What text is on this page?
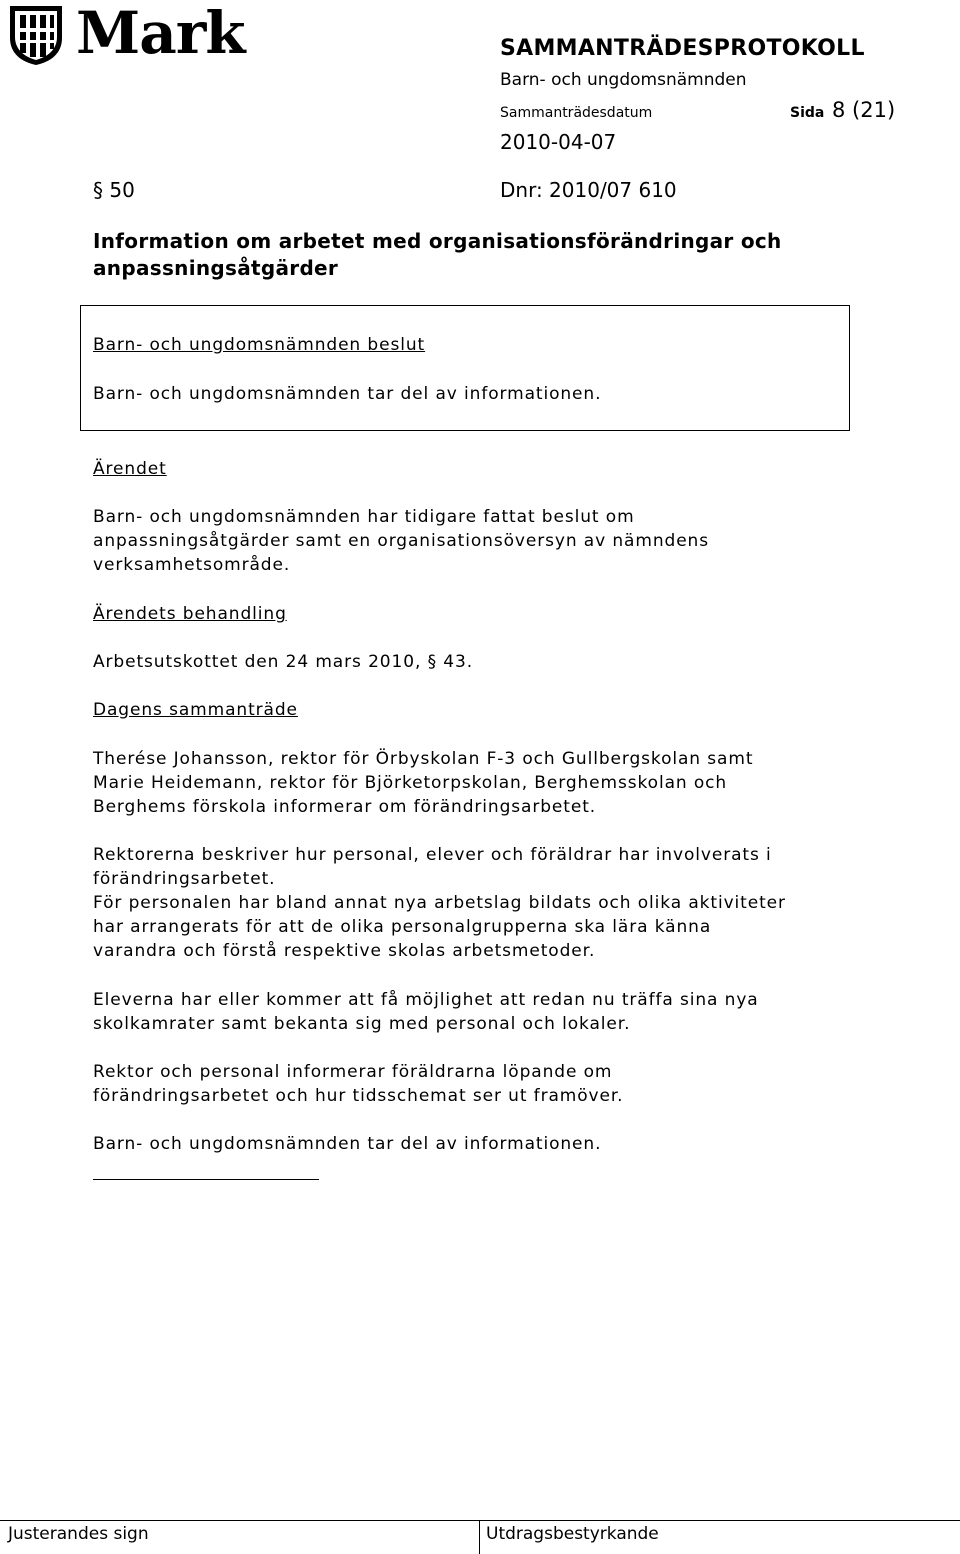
Mark	SAMMANTRÄDESPROTOKOLL
Barn- och ungdomsnämnden
Sammanträdesdatum	Sida 8 (21)
2010-04-07
§ 50	Dnr: 2010/07 610
Information om arbetet med organisationsförändringar och
anpassningsåtgärder
Barn- och ungdomsnämnden beslut
Barn- och ungdomsnämnden tar del av informationen.
Ärendet
Barn- och ungdomsnämnden har tidigare fattat beslut om
anpassningsåtgärder samt en organisationsöversyn av nämndens
verksamhetsområde.
Ärendets behandling
Arbetsutskottet den 24 mars 2010, § 43.
Dagens sammanträde
Therése Johansson, rektor för Örbyskolan F-3 och Gullbergskolan samt
Marie Heidemann, rektor för Björketorpskolan, Berghemsskolan och
Berghems förskola informerar om förändringsarbetet.
Rektorerna beskriver hur personal, elever och föräldrar har involverats i
förändringsarbetet.
För personalen har bland annat nya arbetslag bildats och olika aktiviteter
har arrangerats för att de olika personalgrupperna ska lära känna
varandra och förstå respektive skolas arbetsmetoder.
Eleverna har eller kommer att få möjlighet att redan nu träffa sina nya
skolkamrater samt bekanta sig med personal och lokaler.
Rektor och personal informerar föräldrarna löpande om
förändringsarbetet och hur tidsschemat ser ut framöver.
Barn- och ungdomsnämnden tar del av informationen.
Justerandes sign	Utdragsbestyrkande
